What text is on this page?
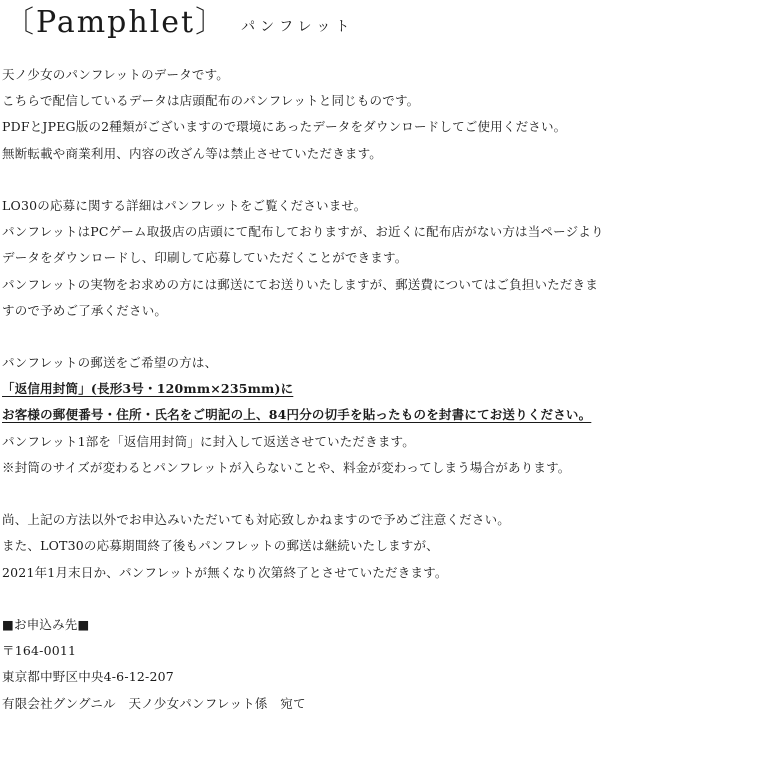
〔Pamphlet〕 パンフレット
天ノ少女のパンフレットのデータです。
こちらで配信しているデータは店頭配布のパンフレットと同じものです。
PDFとJPEG版の2種類がございますので環境にあったデータをダウンロードしてご使用ください。
無断転載や商業利用、内容の改ざん等は禁止させていただきます。
LO30の応募に関する詳細はパンフレットをご覧くださいませ。
パンフレットはPCゲーム取扱店の店頭にて配布しておりますが、お近くに配布店がない方は当ページより
データをダウンロードし、印刷して応募していただくことができます。
パンフレットの実物をお求めの方には郵送にてお送りいたしますが、郵送費についてはご負担いただきま
すので予めご了承ください。
パンフレットの郵送をご希望の方は、
「返信用封筒」(長形3号・120mm×235mm)に
お客様の郵便番号・住所・氏名をご明記の上、84円分の切手を貼ったものを封書にてお送りください。
パンフレット1部を「返信用封筒」に封入して返送させていただきます。
※封筒のサイズが変わるとパンフレットが入らないことや、料金が変わってしまう場合があります。
尚、上記の方法以外でお申込みいただいても対応致しかねますので予めご注意ください。
また、LOT30の応募期間終了後もパンフレットの郵送は継続いたしますが、
2021年1月末日か、パンフレットが無くなり次第終了とさせていただきます。
■お申込み先■
〒164-0011
東京都中野区中央4-6-12-207
有限会社グングニル　天ノ少女パンフレット係　宛て
